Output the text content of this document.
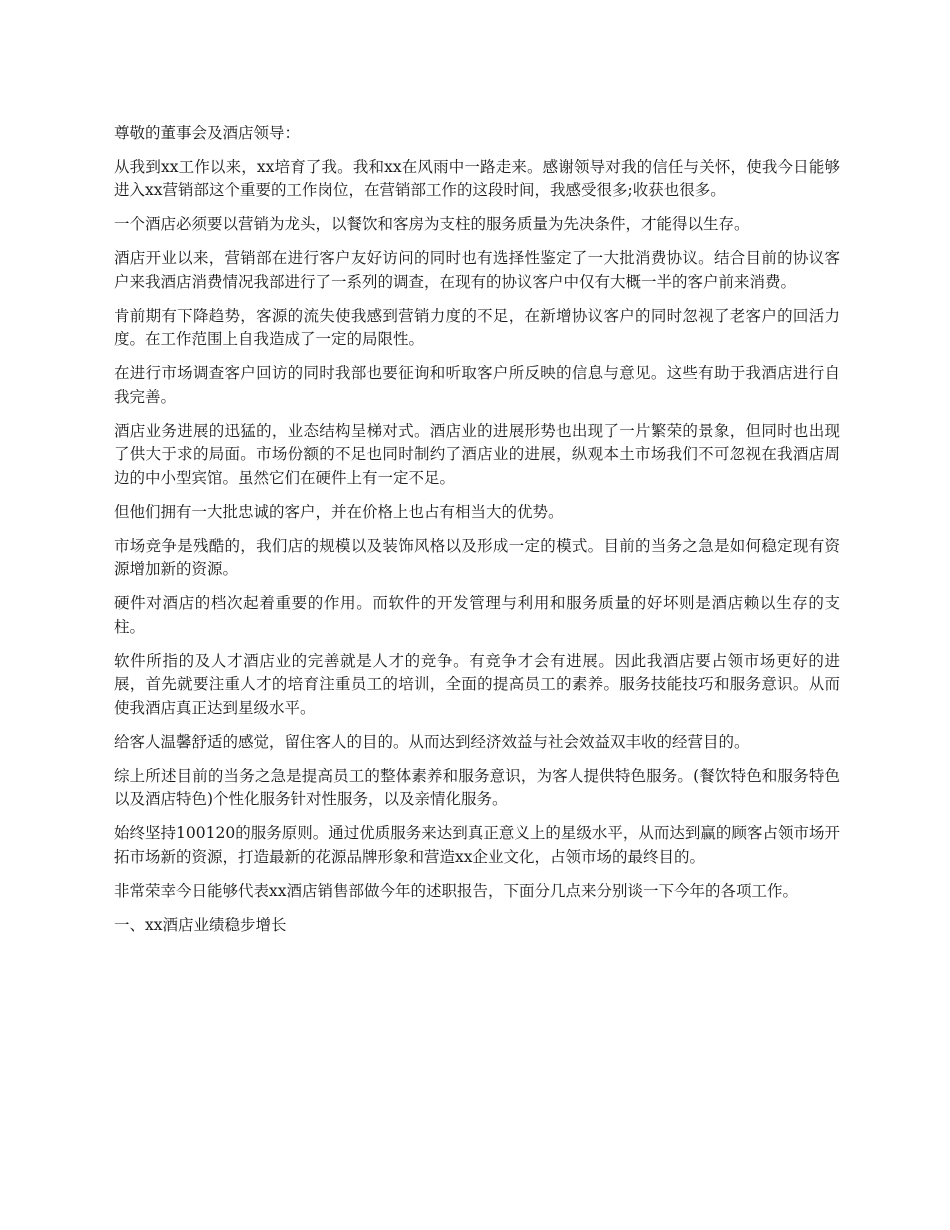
尊敬的董事会及酒店领导：

从我到xx工作以来，xx培育了我。我和xx在风雨中一路走来。感谢领导对我的信任与关怀，使我今日能够进入xx营销部这个重要的工作岗位，在营销部工作的这段时间，我感受很多;收获也很多。

一个酒店必须要以营销为龙头，以餐饮和客房为支柱的服务质量为先决条件，才能得以生存。

酒店开业以来，营销部在进行客户友好访问的同时也有选择性鉴定了一大批消费协议。结合目前的协议客户来我酒店消费情况我部进行了一系列的调查，在现有的协议客户中仅有大概一半的客户前来消费。

肯前期有下降趋势，客源的流失使我感到营销力度的不足，在新增协议客户的同时忽视了老客户的回活力度。在工作范围上自我造成了一定的局限性。

在进行市场调查客户回访的同时我部也要征询和听取客户所反映的信息与意见。这些有助于我酒店进行自我完善。

酒店业务进展的迅猛的，业态结构呈梯对式。酒店业的进展形势也出现了一片繁荣的景象，但同时也出现了供大于求的局面。市场份额的不足也同时制约了酒店业的进展，纵观本土市场我们不可忽视在我酒店周边的中小型宾馆。虽然它们在硬件上有一定不足。

但他们拥有一大批忠诚的客户，并在价格上也占有相当大的优势。

市场竞争是残酷的，我们店的规模以及装饰风格以及形成一定的模式。目前的当务之急是如何稳定现有资源增加新的资源。

硬件对酒店的档次起着重要的作用。而软件的开发管理与利用和服务质量的好坏则是酒店赖以生存的支柱。

软件所指的及人才酒店业的完善就是人才的竞争。有竞争才会有进展。因此我酒店要占领市场更好的进展，首先就要注重人才的培育注重员工的培训，全面的提高员工的素养。服务技能技巧和服务意识。从而使我酒店真正达到星级水平。

给客人温馨舒适的感觉，留住客人的目的。从而达到经济效益与社会效益双丰收的经营目的。

综上所述目前的当务之急是提高员工的整体素养和服务意识，为客人提供特色服务。(餐饮特色和服务特色以及酒店特色)个性化服务针对性服务，以及亲情化服务。

始终坚持100120的服务原则。通过优质服务来达到真正意义上的星级水平，从而达到赢的顾客占领市场开拓市场新的资源，打造最新的花源品牌形象和营造xx企业文化，占领市场的最终目的。

非常荣幸今日能够代表xx酒店销售部做今年的述职报告，下面分几点来分别谈一下今年的各项工作。

一、xx酒店业绩稳步增长
